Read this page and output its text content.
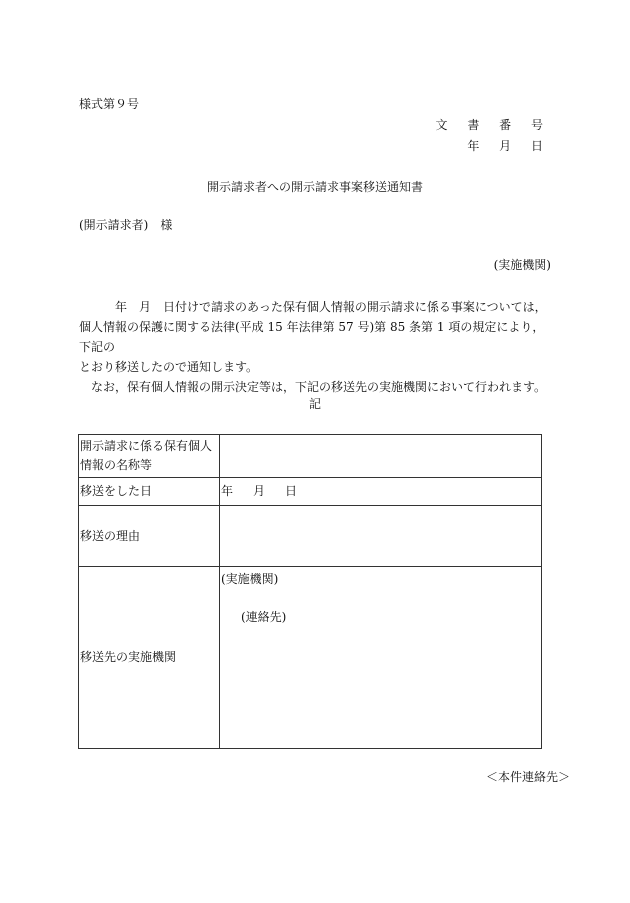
様式第９号
文 書 番 号
年 月 日
開示請求者への開示請求事案移送通知書
(開示請求者)　様
(実施機関)

　　　年　月　日付けで請求のあった保有個人情報の開示請求に係る事案については，

個人情報の保護に関する法律(平成 15 年法律第 57 号)第 85 条第 1 項の規定により，下記の

とおり移送したので通知します。

　なお，保有個人情報の開示決定等は，下記の移送先の実施機関において行われます。

記
開示請求に係る保有個人情報の名称等	
移送をした日	年 月 日
移送の理由	
移送先の実施機関	(実施機関)
(連絡先)
＜本件連絡先＞
